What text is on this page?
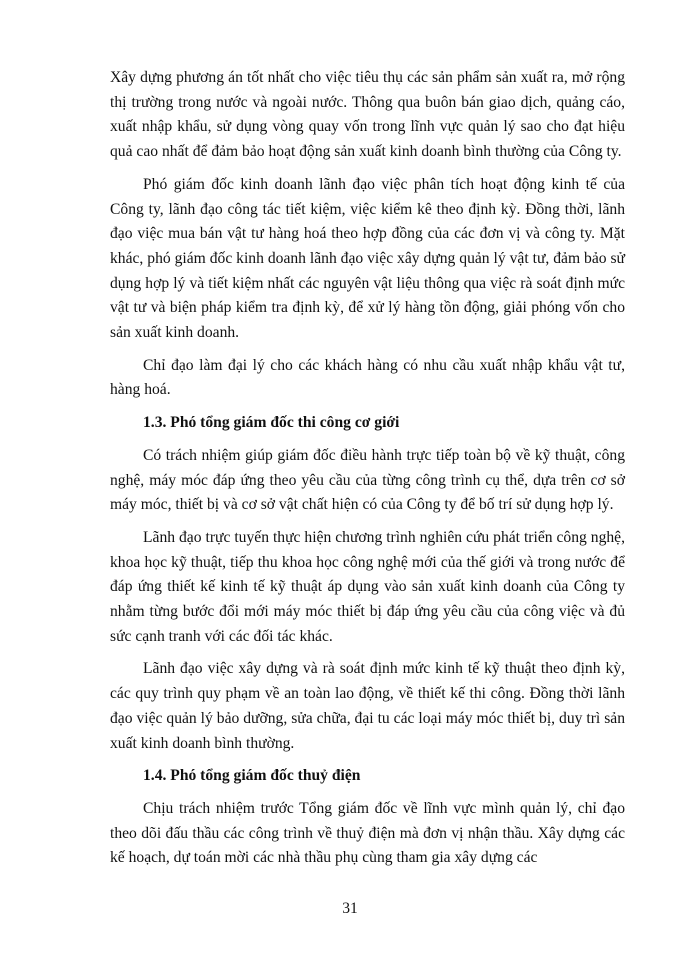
Xây dựng phương án tốt nhất cho việc tiêu thụ các sản phẩm sản xuất ra, mở rộng thị trường trong nước và ngoài nước. Thông qua buôn bán giao dịch, quảng cáo, xuất nhập khẩu, sử dụng vòng quay vốn trong lĩnh vực quản lý sao cho đạt hiệu quả cao nhất để đảm bảo hoạt động sản xuất kinh doanh bình thường của Công ty.

Phó giám đốc kinh doanh lãnh đạo việc phân tích hoạt động kinh tế của Công ty, lãnh đạo công tác tiết kiệm, việc kiểm kê theo định kỳ. Đồng thời, lãnh đạo việc mua bán vật tư hàng hoá theo hợp đồng của các đơn vị và công ty. Mặt khác, phó giám đốc kinh doanh lãnh đạo việc xây dựng quản lý vật tư, đảm bảo sử dụng hợp lý và tiết kiệm nhất các nguyên vật liệu thông qua việc rà soát định mức vật tư và biện pháp kiểm tra định kỳ, để xử lý hàng tồn động, giải phóng vốn cho sản xuất kinh doanh.

Chỉ đạo làm đại lý cho các khách hàng có nhu cầu xuất nhập khẩu vật tư, hàng hoá.

1.3. Phó tổng giám đốc thi công cơ giới

Có trách nhiệm giúp giám đốc điều hành trực tiếp toàn bộ về kỹ thuật, công nghệ, máy móc đáp ứng theo yêu cầu của từng công trình cụ thể, dựa trên cơ sở máy móc, thiết bị và cơ sở vật chất hiện có của Công ty để bố trí sử dụng hợp lý.

Lãnh đạo trực tuyến thực hiện chương trình nghiên cứu phát triển công nghệ, khoa học kỹ thuật, tiếp thu khoa học công nghệ mới của thế giới và trong nước để đáp ứng thiết kế kinh tế kỹ thuật áp dụng vào sản xuất kinh doanh của Công ty nhằm từng bước đổi mới máy móc thiết bị đáp ứng yêu cầu của công việc và đủ sức cạnh tranh với các đối tác khác.

Lãnh đạo việc xây dựng và rà soát định mức kinh tế kỹ thuật theo định kỳ, các quy trình quy phạm về an toàn lao động, về thiết kế thi công. Đồng thời lãnh đạo việc quản lý bảo dưỡng, sửa chữa, đại tu các loại máy móc thiết bị, duy trì sản xuất kinh doanh bình thường.

1.4. Phó tổng giám đốc thuỷ điện

Chịu trách nhiệm trước Tổng giám đốc về lĩnh vực mình quản lý, chỉ đạo theo dõi đấu thầu các công trình về thuỷ điện mà đơn vị nhận thầu. Xây dựng các kế hoạch, dự toán mời các nhà thầu phụ cùng tham gia xây dựng các

31
